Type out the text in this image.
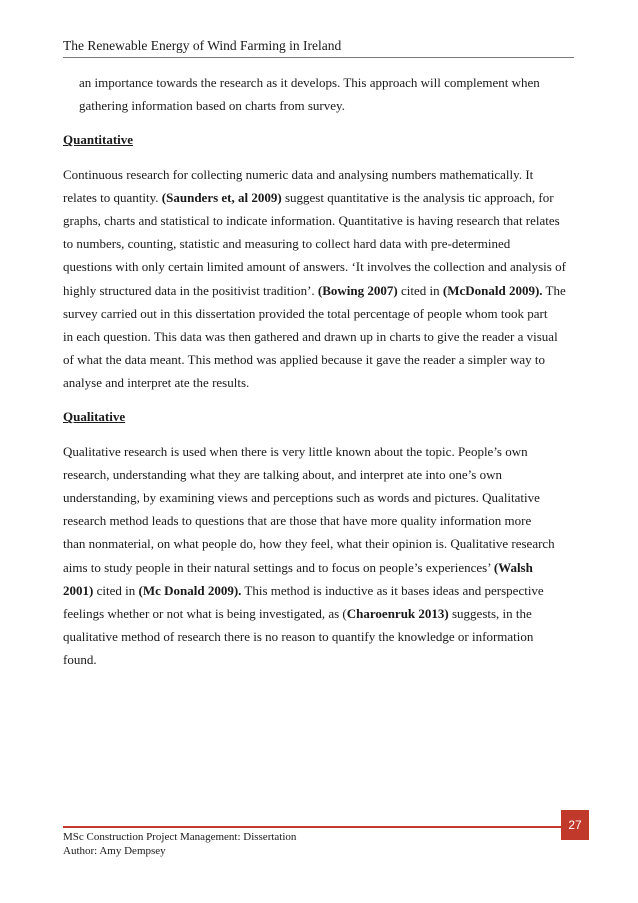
The Renewable Energy of Wind Farming in Ireland
an importance towards the research as it develops. This approach will complement when
gathering information based on charts from survey.
Quantitative
Continuous research for collecting numeric data and analysing numbers mathematically. It
relates to quantity. (Saunders et, al 2009) suggest quantitative is the analysis tic approach, for
graphs, charts and statistical to indicate information. Quantitative is having research that relates
to numbers, counting, statistic and measuring to collect hard data with pre-determined
questions with only certain limited amount of answers. ‘It involves the collection and analysis of
highly structured data in the positivist tradition’. (Bowing 2007) cited in (McDonald 2009). The
survey carried out in this dissertation provided the total percentage of people whom took part
in each question. This data was then gathered and drawn up in charts to give the reader a visual
of what the data meant. This method was applied because it gave the reader a simpler way to
analyse and interpret ate the results.
Qualitative
Qualitative research is used when there is very little known about the topic. People’s own
research, understanding what they are talking about, and interpret ate into one’s own
understanding, by examining views and perceptions such as words and pictures. Qualitative
research method leads to questions that are those that have more quality information more
than nonmaterial, on what people do, how they feel, what their opinion is. Qualitative research
aims to study people in their natural settings and to focus on people’s experiences’ (Walsh
2001) cited in (Mc Donald 2009). This method is inductive as it bases ideas and perspective
feelings whether or not what is being investigated, as (Charoenruk 2013) suggests, in the
qualitative method of research there is no reason to quantify the knowledge or information
found.
27
MSc Construction Project Management: Dissertation
Author: Amy Dempsey
